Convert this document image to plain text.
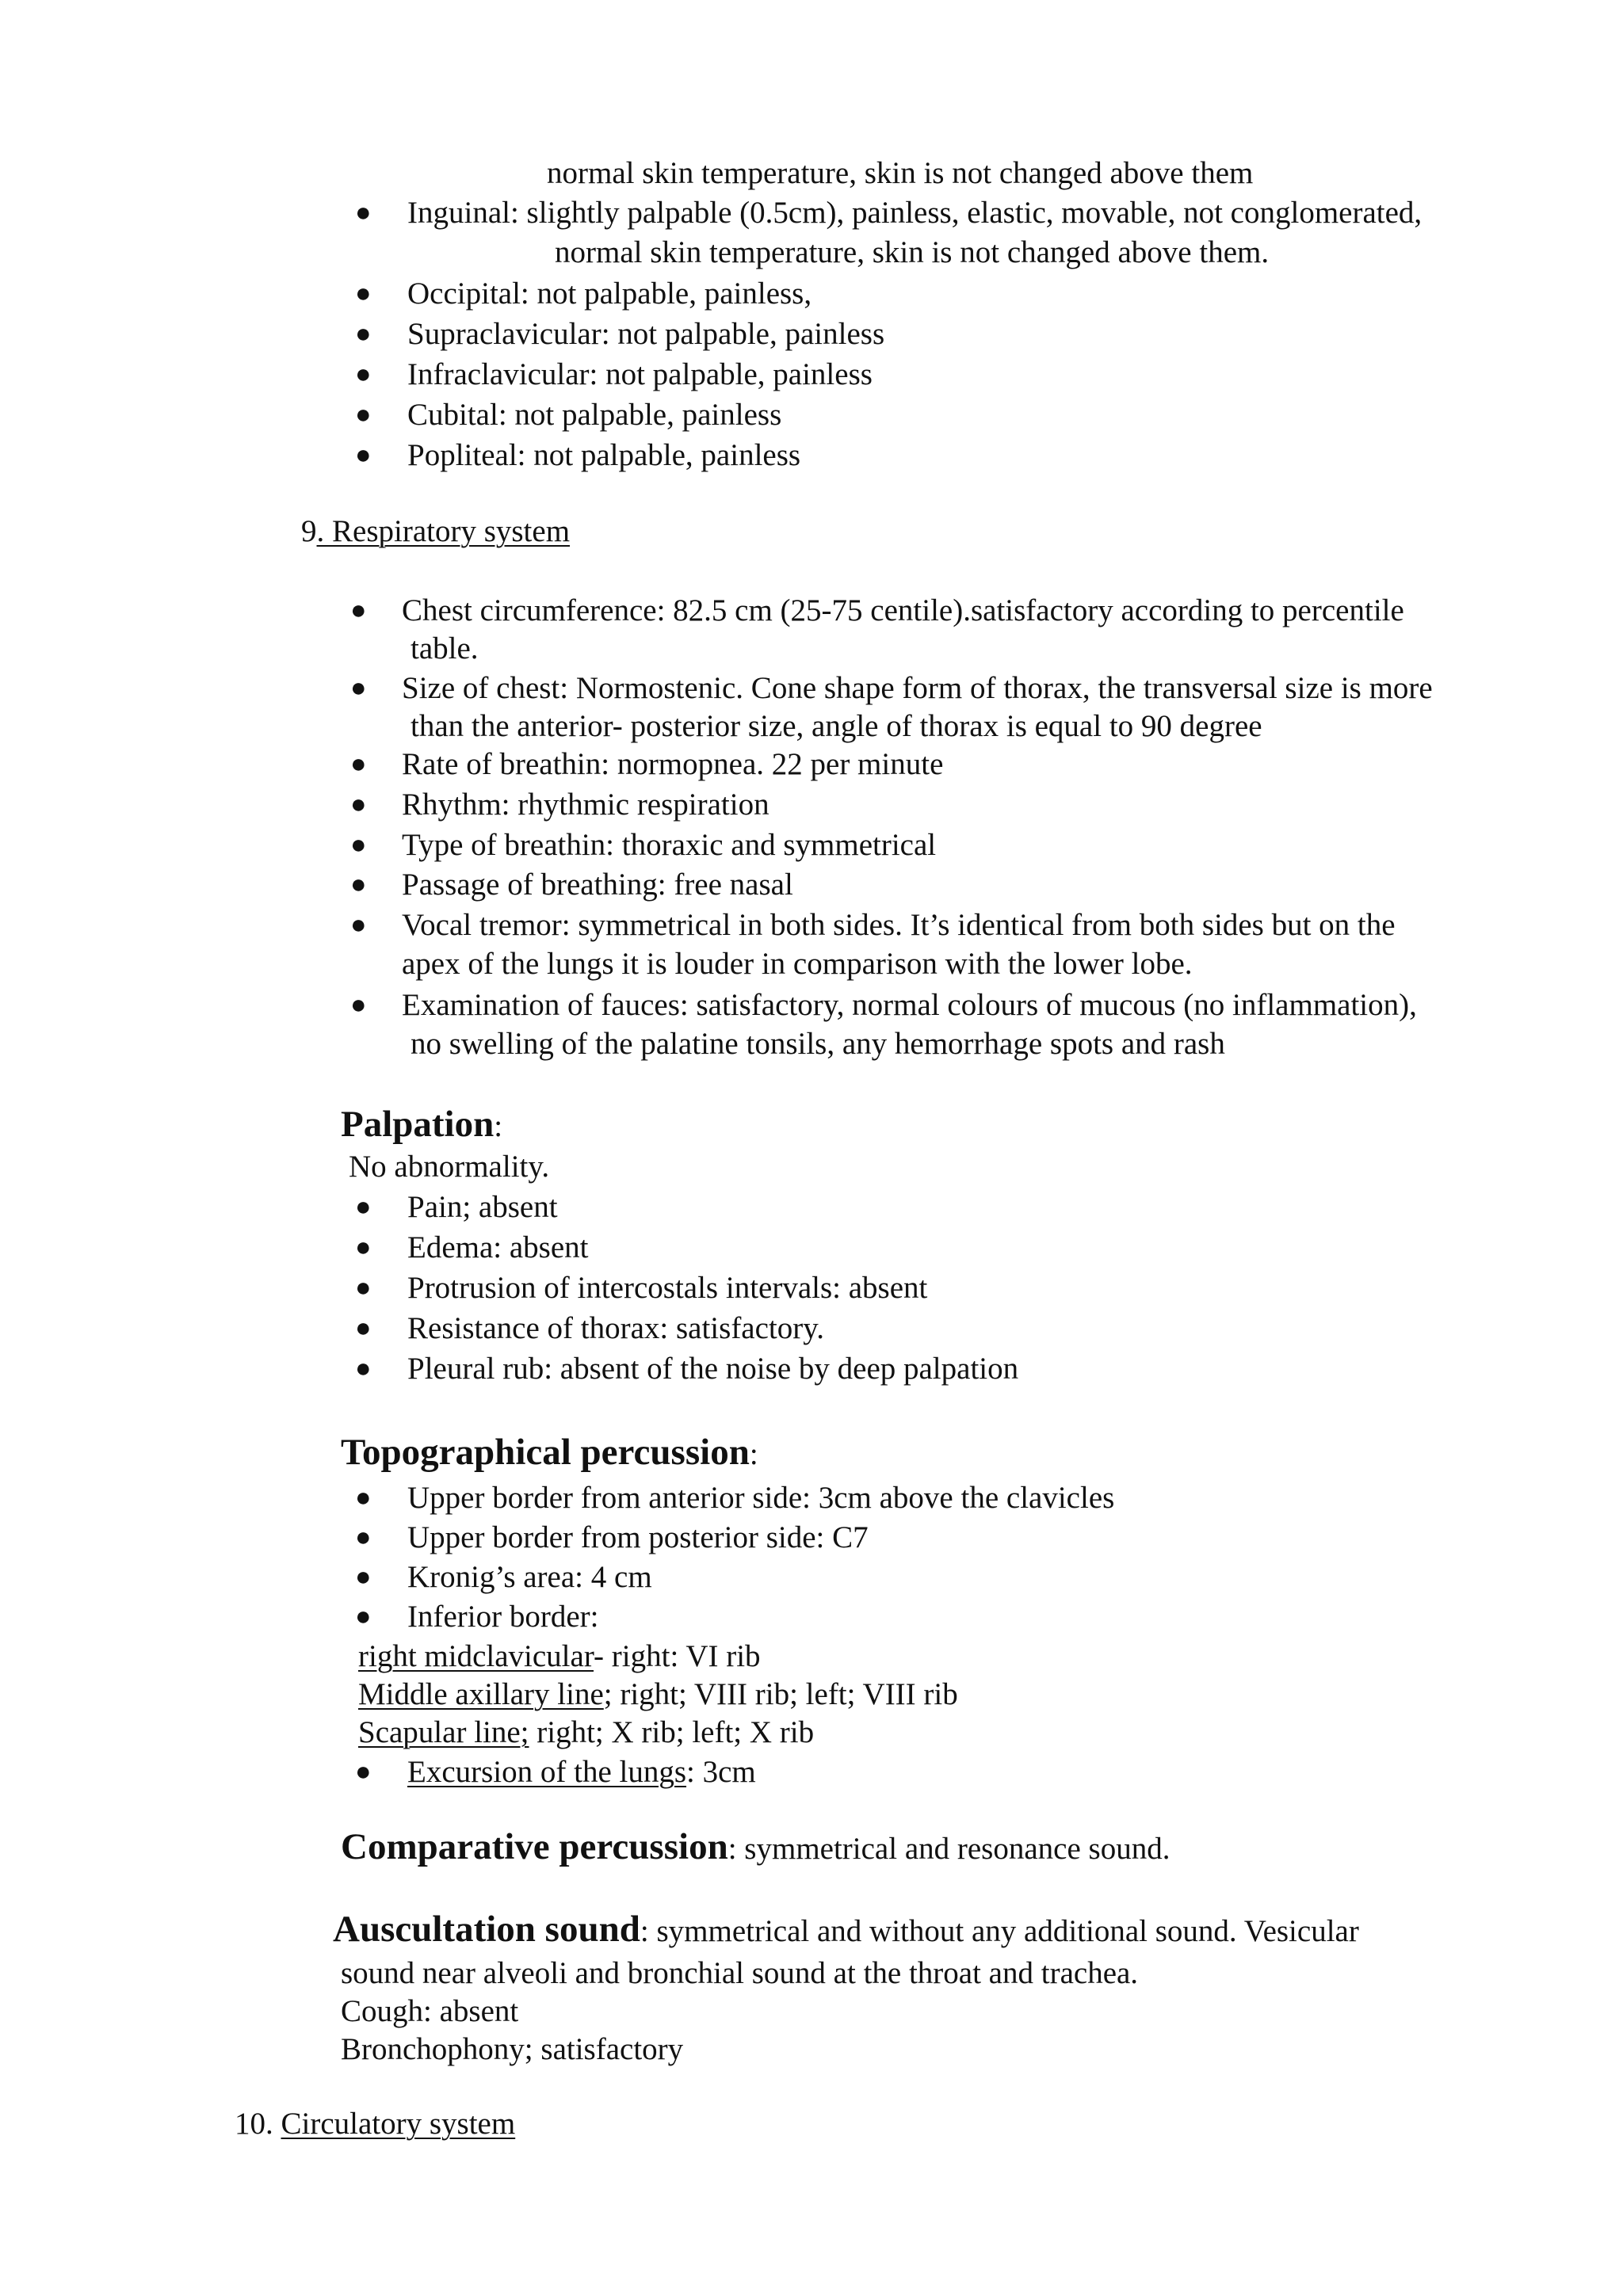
normal skin temperature, skin is not changed above them
● Inguinal: slightly palpable (0.5cm), painless, elastic, movable, not conglomerated,
normal skin temperature, skin is not changed above them.
● Occipital: not palpable, painless,
● Supraclavicular: not palpable, painless
● Infraclavicular: not palpable, painless
● Cubital: not palpable, painless
● Popliteal: not palpable, painless
9. Respiratory system
● Chest circumference: 82.5 cm (25-75 centile).satisfactory according to percentile
table.
● Size of chest: Normostenic. Cone shape form of thorax, the transversal size is more
than the anterior- posterior size, angle of thorax is equal to 90 degree
● Rate of breathin: normopnea. 22 per minute
● Rhythm: rhythmic respiration
● Type of breathin: thoraxic and symmetrical
● Passage of breathing: free nasal
● Vocal tremor: symmetrical in both sides. It’s identical from both sides but on the
apex of the lungs it is louder in comparison with the lower lobe.
● Examination of fauces: satisfactory, normal colours of mucous (no inflammation),
no swelling of the palatine tonsils, any hemorrhage spots and rash
Palpation:
No abnormality.
● Pain; absent
● Edema: absent
● Protrusion of intercostals intervals: absent
● Resistance of thorax: satisfactory.
● Pleural rub: absent of the noise by deep palpation
Topographical percussion:
● Upper border from anterior side: 3cm above the clavicles
● Upper border from posterior side: C7
● Kronig’s area: 4 cm
● Inferior border:
right midclavicular- right: VI rib
Middle axillary line; right; VIII rib; left; VIII rib
Scapular line; right; X rib; left; X rib
● Excursion of the lungs: 3cm
Comparative percussion: symmetrical and resonance sound.
Auscultation sound: symmetrical and without any additional sound. Vesicular
sound near alveoli and bronchial sound at the throat and trachea.
Cough: absent
Bronchophony; satisfactory
10. Circulatory system
